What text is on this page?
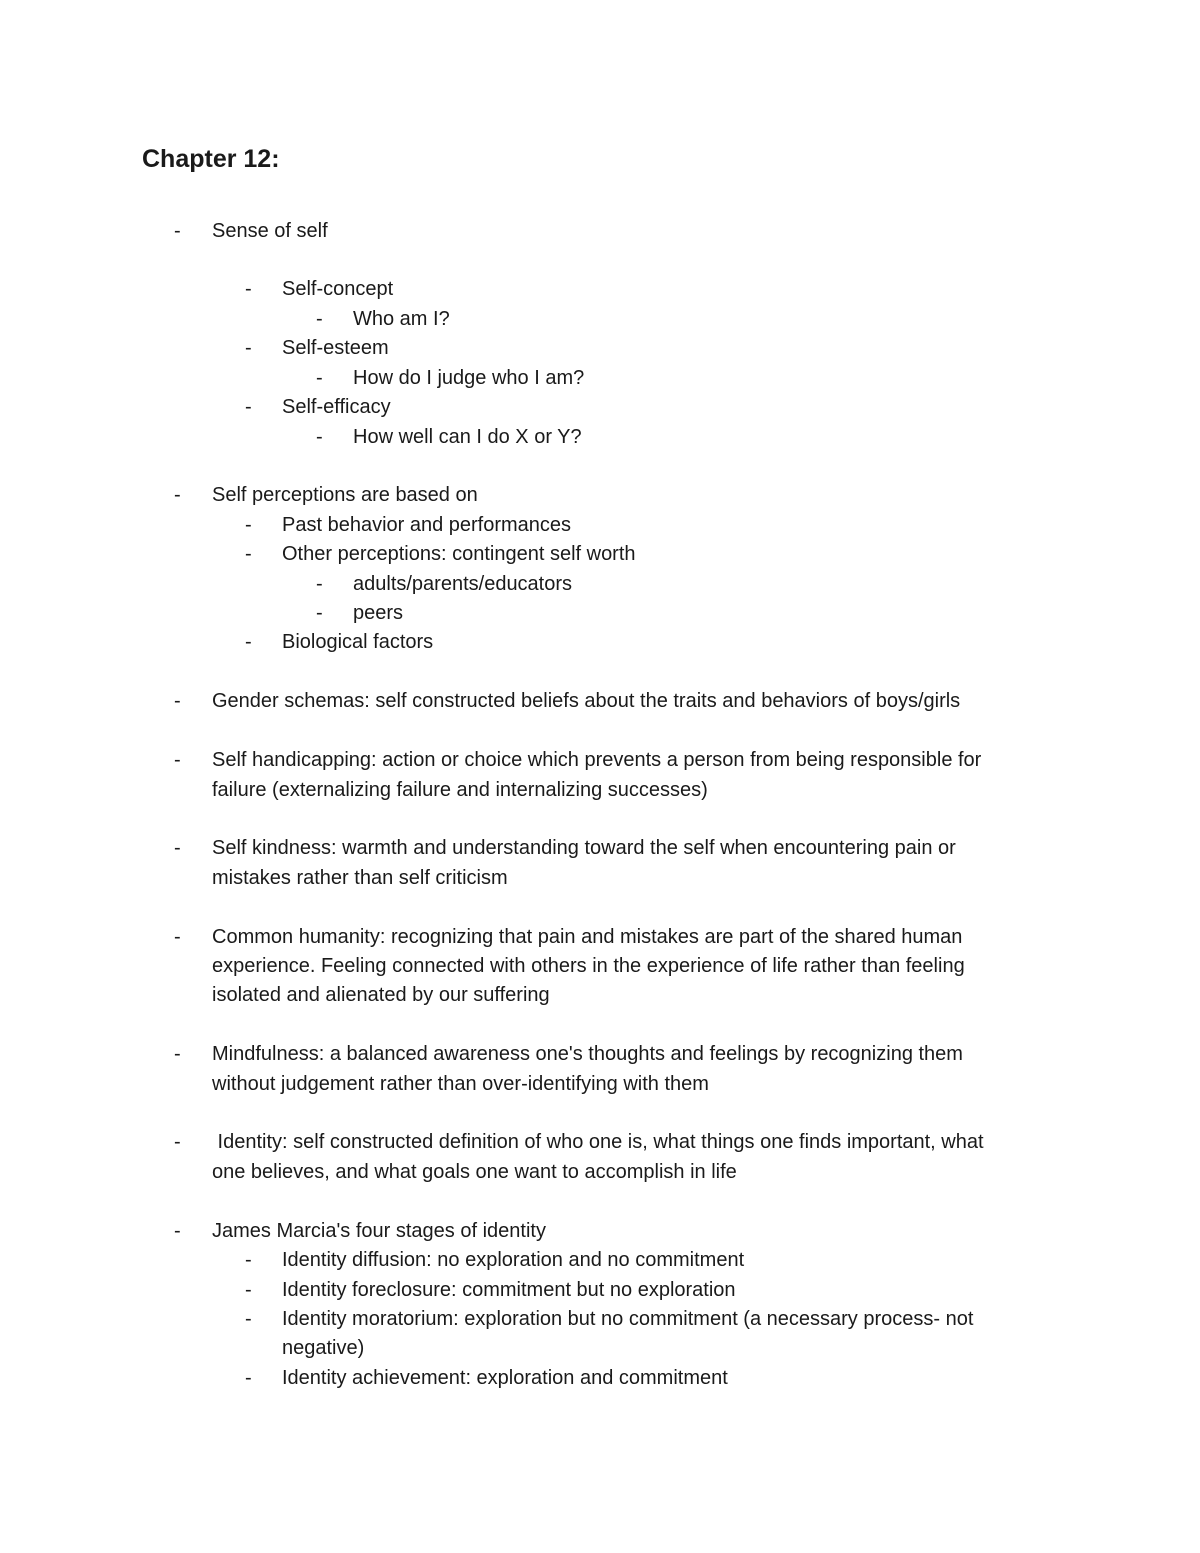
Chapter 12:
-	Sense of self
-	Self-concept
-	Who am I?
-	Self-esteem
-	How do I judge who I am?
-	Self-efficacy
-	How well can I do X or Y?
-	Self perceptions are based on
-	Past behavior and performances
-	Other perceptions: contingent self worth
-	adults/parents/educators
-	peers
-	Biological factors
-	Gender schemas: self constructed beliefs about the traits and behaviors of boys/girls
-	Self handicapping: action or choice which prevents a person from being responsible for
failure (externalizing failure and internalizing successes)
-	Self kindness: warmth and understanding toward the self when encountering pain or
mistakes rather than self criticism
-	Common humanity: recognizing that pain and mistakes are part of the shared human
experience. Feeling connected with others in the experience of life rather than feeling
isolated and alienated by our suffering
-	Mindfulness: a balanced awareness one's thoughts and feelings by recognizing them
without judgement rather than over-identifying with them
-	Identity: self constructed definition of who one is, what things one finds important, what
one believes, and what goals one want to accomplish in life
-	James Marcia's four stages of identity
-	Identity diffusion: no exploration and no commitment
-	Identity foreclosure: commitment but no exploration
-	Identity moratorium: exploration but no commitment (a necessary process- not
negative)
-	Identity achievement: exploration and commitment
